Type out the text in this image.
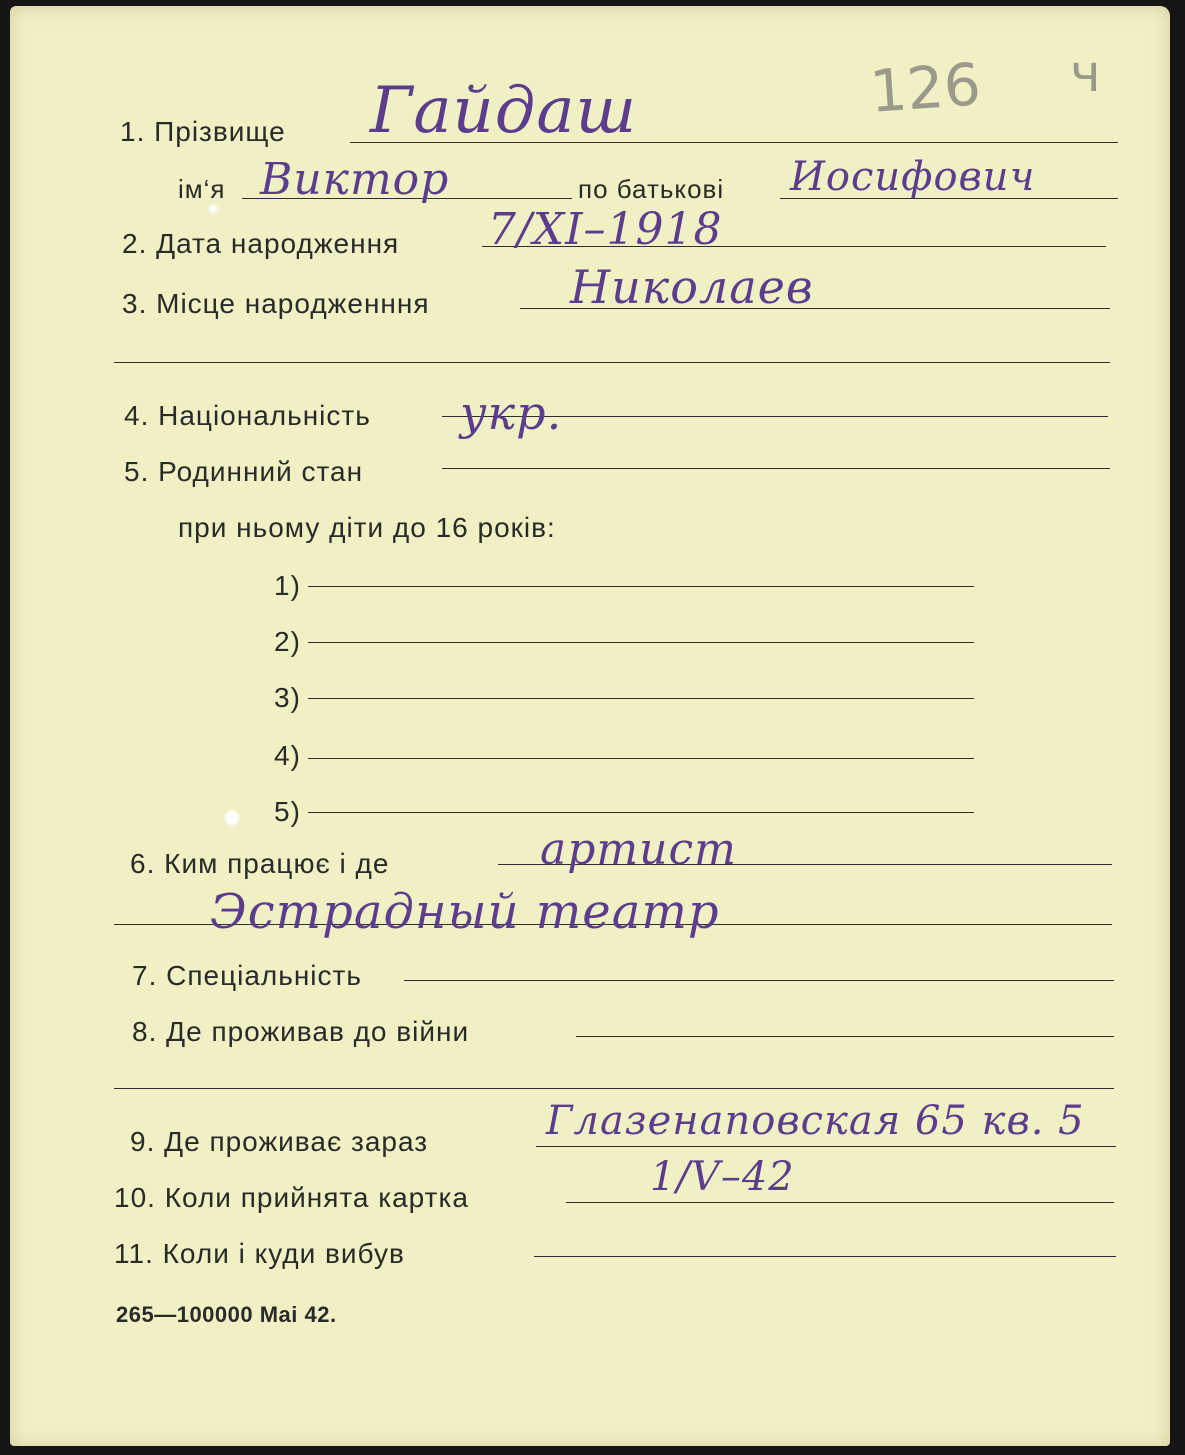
126 ч
1. Прізвище Гайдаш
ім‘я Виктор	по батькові Иосифович
2. Дата народження 7/XI–1918
3. Місце народженння	Николаев
4. Національність укр.
5. Родинний стан
при ньому діти до 16 років:
1)
2)
3)
4)
5)
6. Ким працює і де	артист
Эстрадный театр
7. Спеціальність
8. Де проживав до війни
9. Де проживає зараз	Глазенаповская 65 кв. 5
10. Коли прийнята картка	1/V–42
11. Коли і куди вибув
265—100000 Mai 42.
